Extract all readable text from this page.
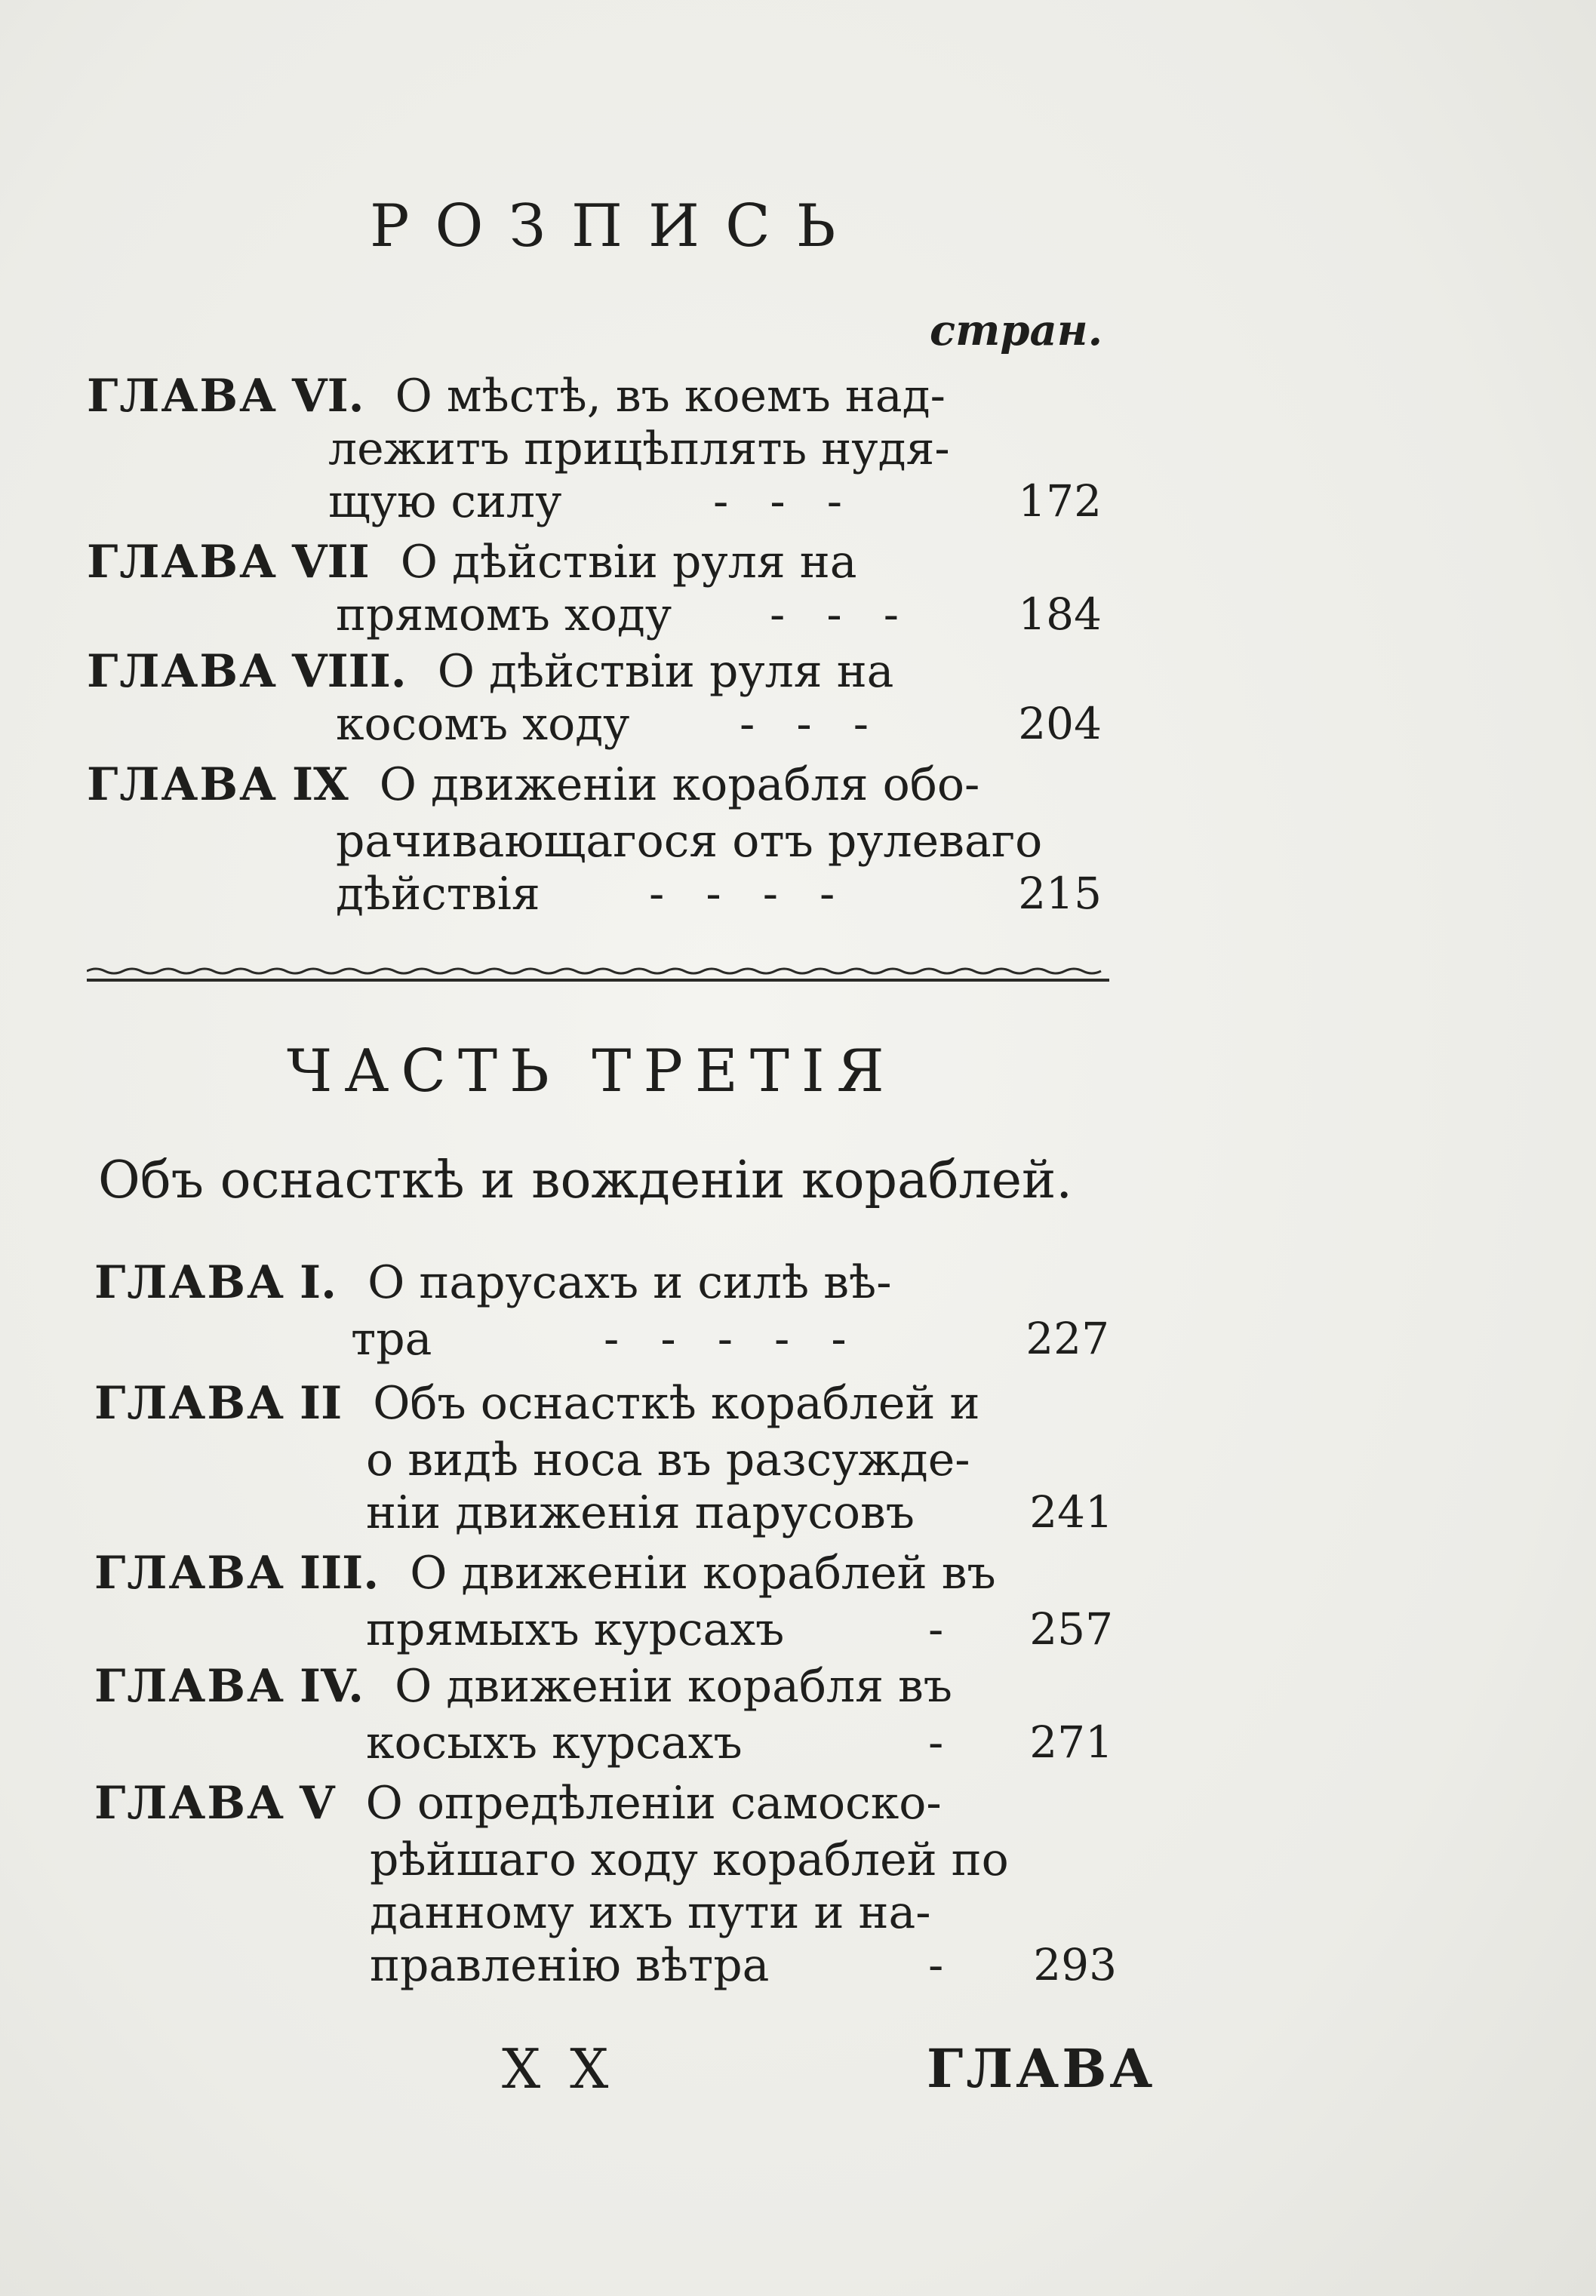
РОЗПИСЬ
стран.
ГЛАВА VI. О мѣстѣ, въ коемъ над-
лежитъ прицѣплять нудя-
щую силу	- - -	172
ГЛАВА VII О дѣйствіи руля на
прямомъ ходу - - -	184
ГЛАВА VIII. О дѣйствіи руля на
косомъ ходу - - -	204
ГЛАВА IX О движеніи корабля обо-
рачивающагося отъ рулеваго
дѣйствія - - - -	215
ЧАСТЬ ТРЕТІЯ
Объ оснасткѣ и вожденіи кораблей.
ГЛАВА I. О парусахъ и силѣ вѣ-
тра	- - - - -	227
ГЛАВА II Объ оснасткѣ кораблей и
о видѣ носа въ разсужде-
ніи движенія парусовъ	241
ГЛАВА III. О движеніи кораблей въ
прямыхъ курсахъ	-	257
ГЛАВА IV. О движеніи корабля въ
косыхъ курсахъ	-	271
ГЛАВА V О опредѣленіи самоско-
рѣйшаго ходу кораблей по
данному ихъ пути и на-
правленію вѣтра	-	293
X X	ГЛАВА
